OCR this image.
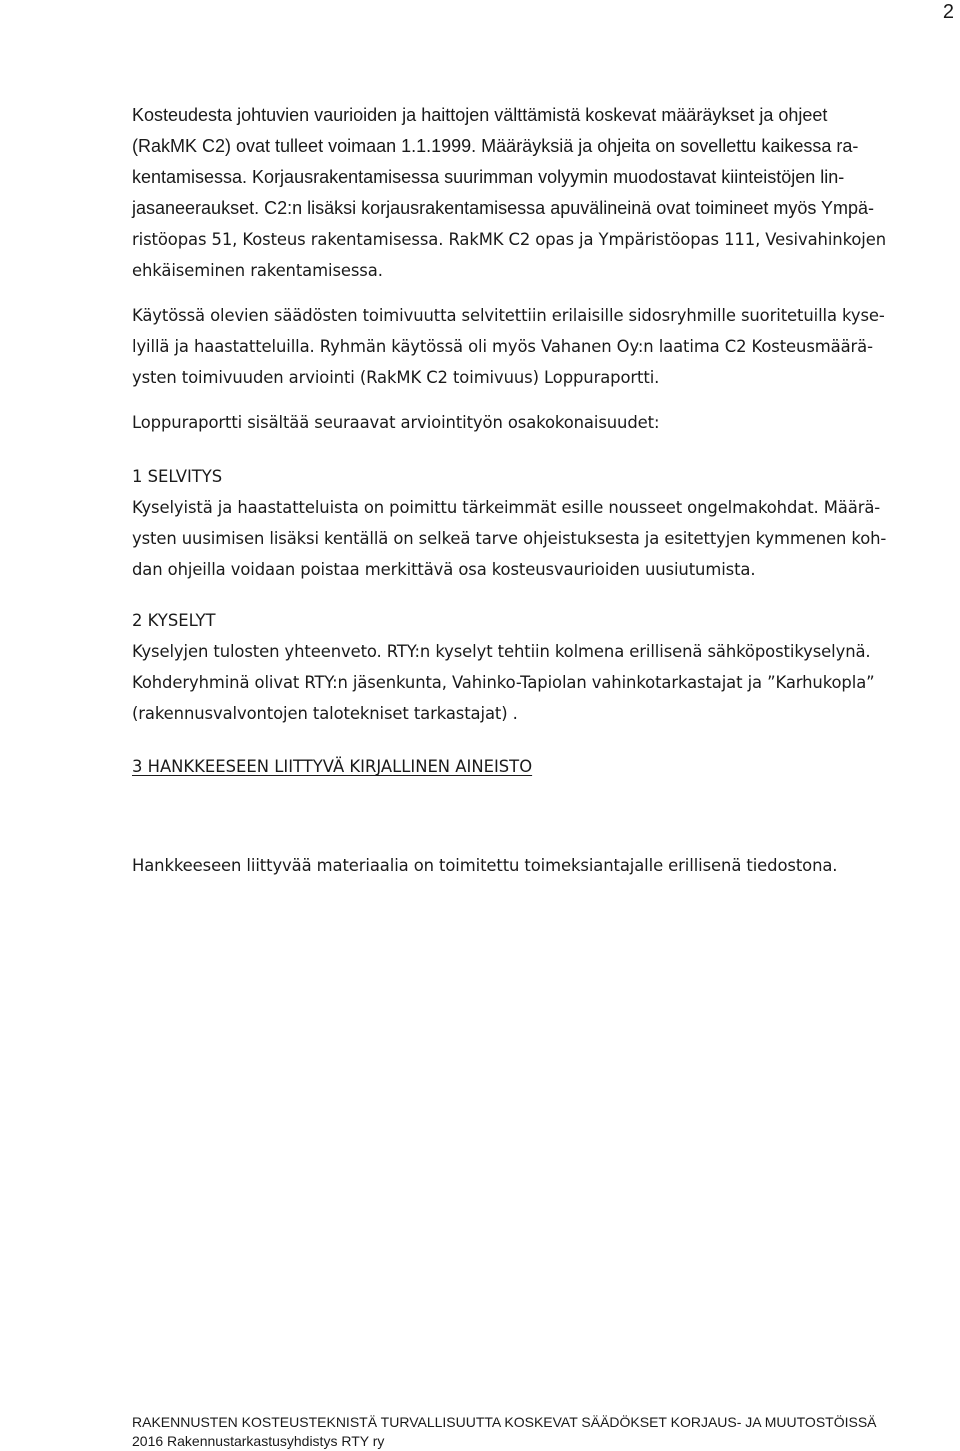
2
Kosteudesta johtuvien vaurioiden ja haittojen välttämistä koskevat määräykset ja ohjeet
(RakMK C2) ovat tulleet voimaan 1.1.1999. Määräyksiä ja ohjeita on sovellettu kaikessa ra-
kentamisessa. Korjausrakentamisessa suurimman volyymin muodostavat kiinteistöjen lin-
jasaneeraukset. C2:n lisäksi korjausrakentamisessa apuvälineinä ovat toimineet myös Ympä-
ristöopas 51, Kosteus rakentamisessa. RakMK C2 opas ja Ympäristöopas 111, Vesivahinkojen
ehkäiseminen rakentamisessa.
Käytössä olevien säädösten toimivuutta selvitettiin erilaisille sidosryhmille suoritetuilla kyse-
lyillä ja haastatteluilla. Ryhmän käytössä oli myös Vahanen Oy:n laatima C2 Kosteusmäärä-
ysten toimivuuden arviointi (RakMK C2 toimivuus) Loppuraportti.
Loppuraportti sisältää seuraavat arviointityön osakokonaisuudet:
1 SELVITYS
Kyselyistä ja haastatteluista on poimittu tärkeimmät esille nousseet ongelmakohdat. Määrä-
ysten uusimisen lisäksi kentällä on selkeä tarve ohjeistuksesta ja esitettyjen kymmenen koh-
dan ohjeilla voidaan poistaa merkittävä osa kosteusvaurioiden uusiutumista.
2 KYSELYT
Kyselyjen tulosten yhteenveto. RTY:n kyselyt tehtiin kolmena erillisenä sähköpostikyselynä.
Kohderyhminä olivat RTY:n jäsenkunta, Vahinko-Tapiolan vahinkotarkastajat ja ”Karhukopla”
(rakennusvalvontojen talotekniset tarkastajat) .
3 HANKKEESEEN LIITTYVÄ KIRJALLINEN AINEISTO
Hankkeeseen liittyvää materiaalia on toimitettu toimeksiantajalle erillisenä tiedostona.
RAKENNUSTEN KOSTEUSTEKNISTÄ TURVALLISUUTTA KOSKEVAT SÄÄDÖKSET KORJAUS- JA MUUTOSTÖISSÄ
2016 Rakennustarkastusyhdistys RTY ry
